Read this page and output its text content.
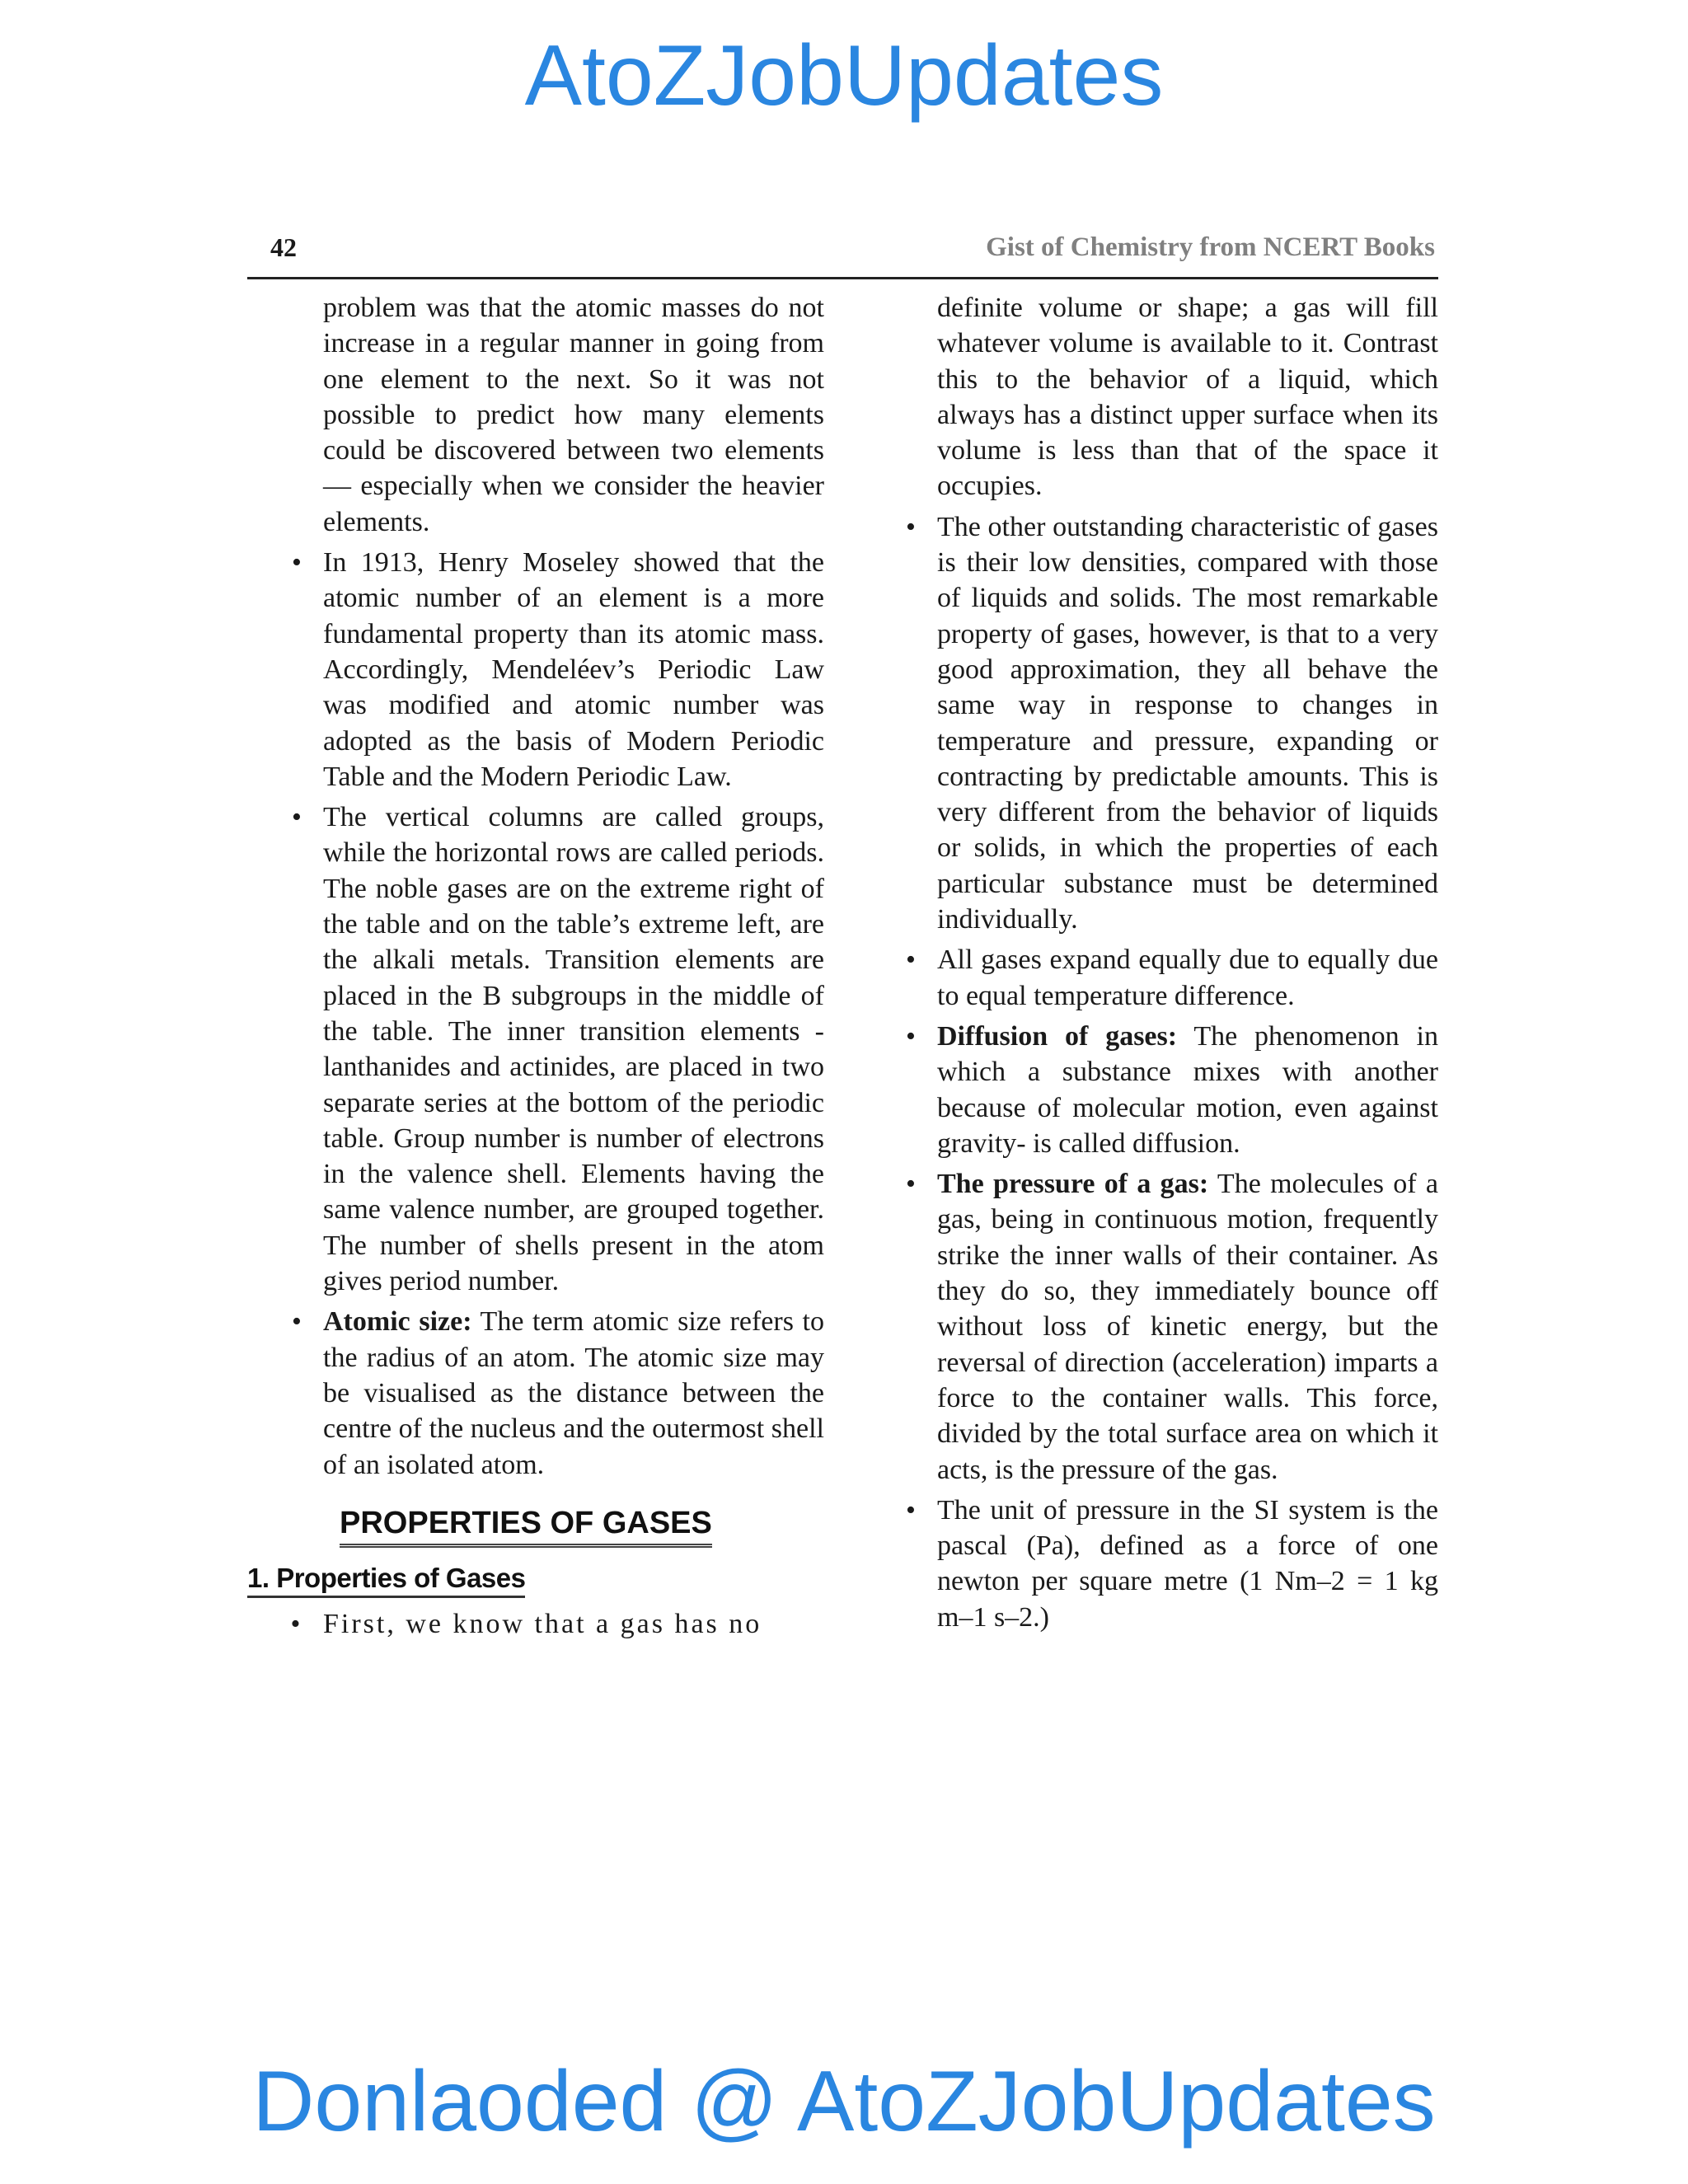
AtoZJobUpdates
42	Gist of Chemistry from NCERT Books

problem was that the atomic masses do not increase in a regular manner in going from one element to the next. So it was not possible to predict how many elements could be discovered between two elements — especially when we consider the heavier elements.

• In 1913, Henry Moseley showed that the atomic number of an element is a more fundamental property than its atomic mass. Accordingly, Mendeléev’s Periodic Law was modified and atomic number was adopted as the basis of Modern Periodic Table and the Modern Periodic Law.
• The vertical columns are called groups, while the horizontal rows are called periods. The noble gases are on the extreme right of the table and on the table’s extreme left, are the alkali metals. Transition elements are placed in the B subgroups in the middle of the table. The inner transition elements - lanthanides and actinides, are placed in two separate series at the bottom of the periodic table. Group number is number of electrons in the valence shell. Elements having the same valence number, are grouped together. The number of shells present in the atom gives period number.
• Atomic size: The term atomic size refers to the radius of an atom. The atomic size may be visualised as the distance between the centre of the nucleus and the outermost shell of an isolated atom.
PROPERTIES OF GASES
1. Properties of Gases
• First, we know that a gas has no

definite volume or shape; a gas will fill whatever volume is available to it. Contrast this to the behavior of a liquid, which always has a distinct upper surface when its volume is less than that of the space it occupies.

• The other outstanding characteristic of gases is their low densities, compared with those of liquids and solids. The most remarkable property of gases, however, is that to a very good approximation, they all behave the same way in response to changes in temperature and pressure, expanding or contracting by predictable amounts. This is very different from the behavior of liquids or solids, in which the properties of each particular substance must be determined individually.
• All gases expand equally due to equally due to equal temperature difference.
• Diffusion of gases: The phenomenon in which a substance mixes with another because of molecular motion, even against gravity- is called diffusion.
• The pressure of a gas: The molecules of a gas, being in continuous motion, frequently strike the inner walls of their container. As they do so, they immediately bounce off without loss of kinetic energy, but the reversal of direction (acceleration) imparts a force to the container walls. This force, divided by the total surface area on which it acts, is the pressure of the gas.
• The unit of pressure in the SI system is the pascal (Pa), defined as a force of one newton per square metre (1 Nm–2 = 1 kg m–1 s–2.)
Donlaoded @ AtoZJobUpdates
